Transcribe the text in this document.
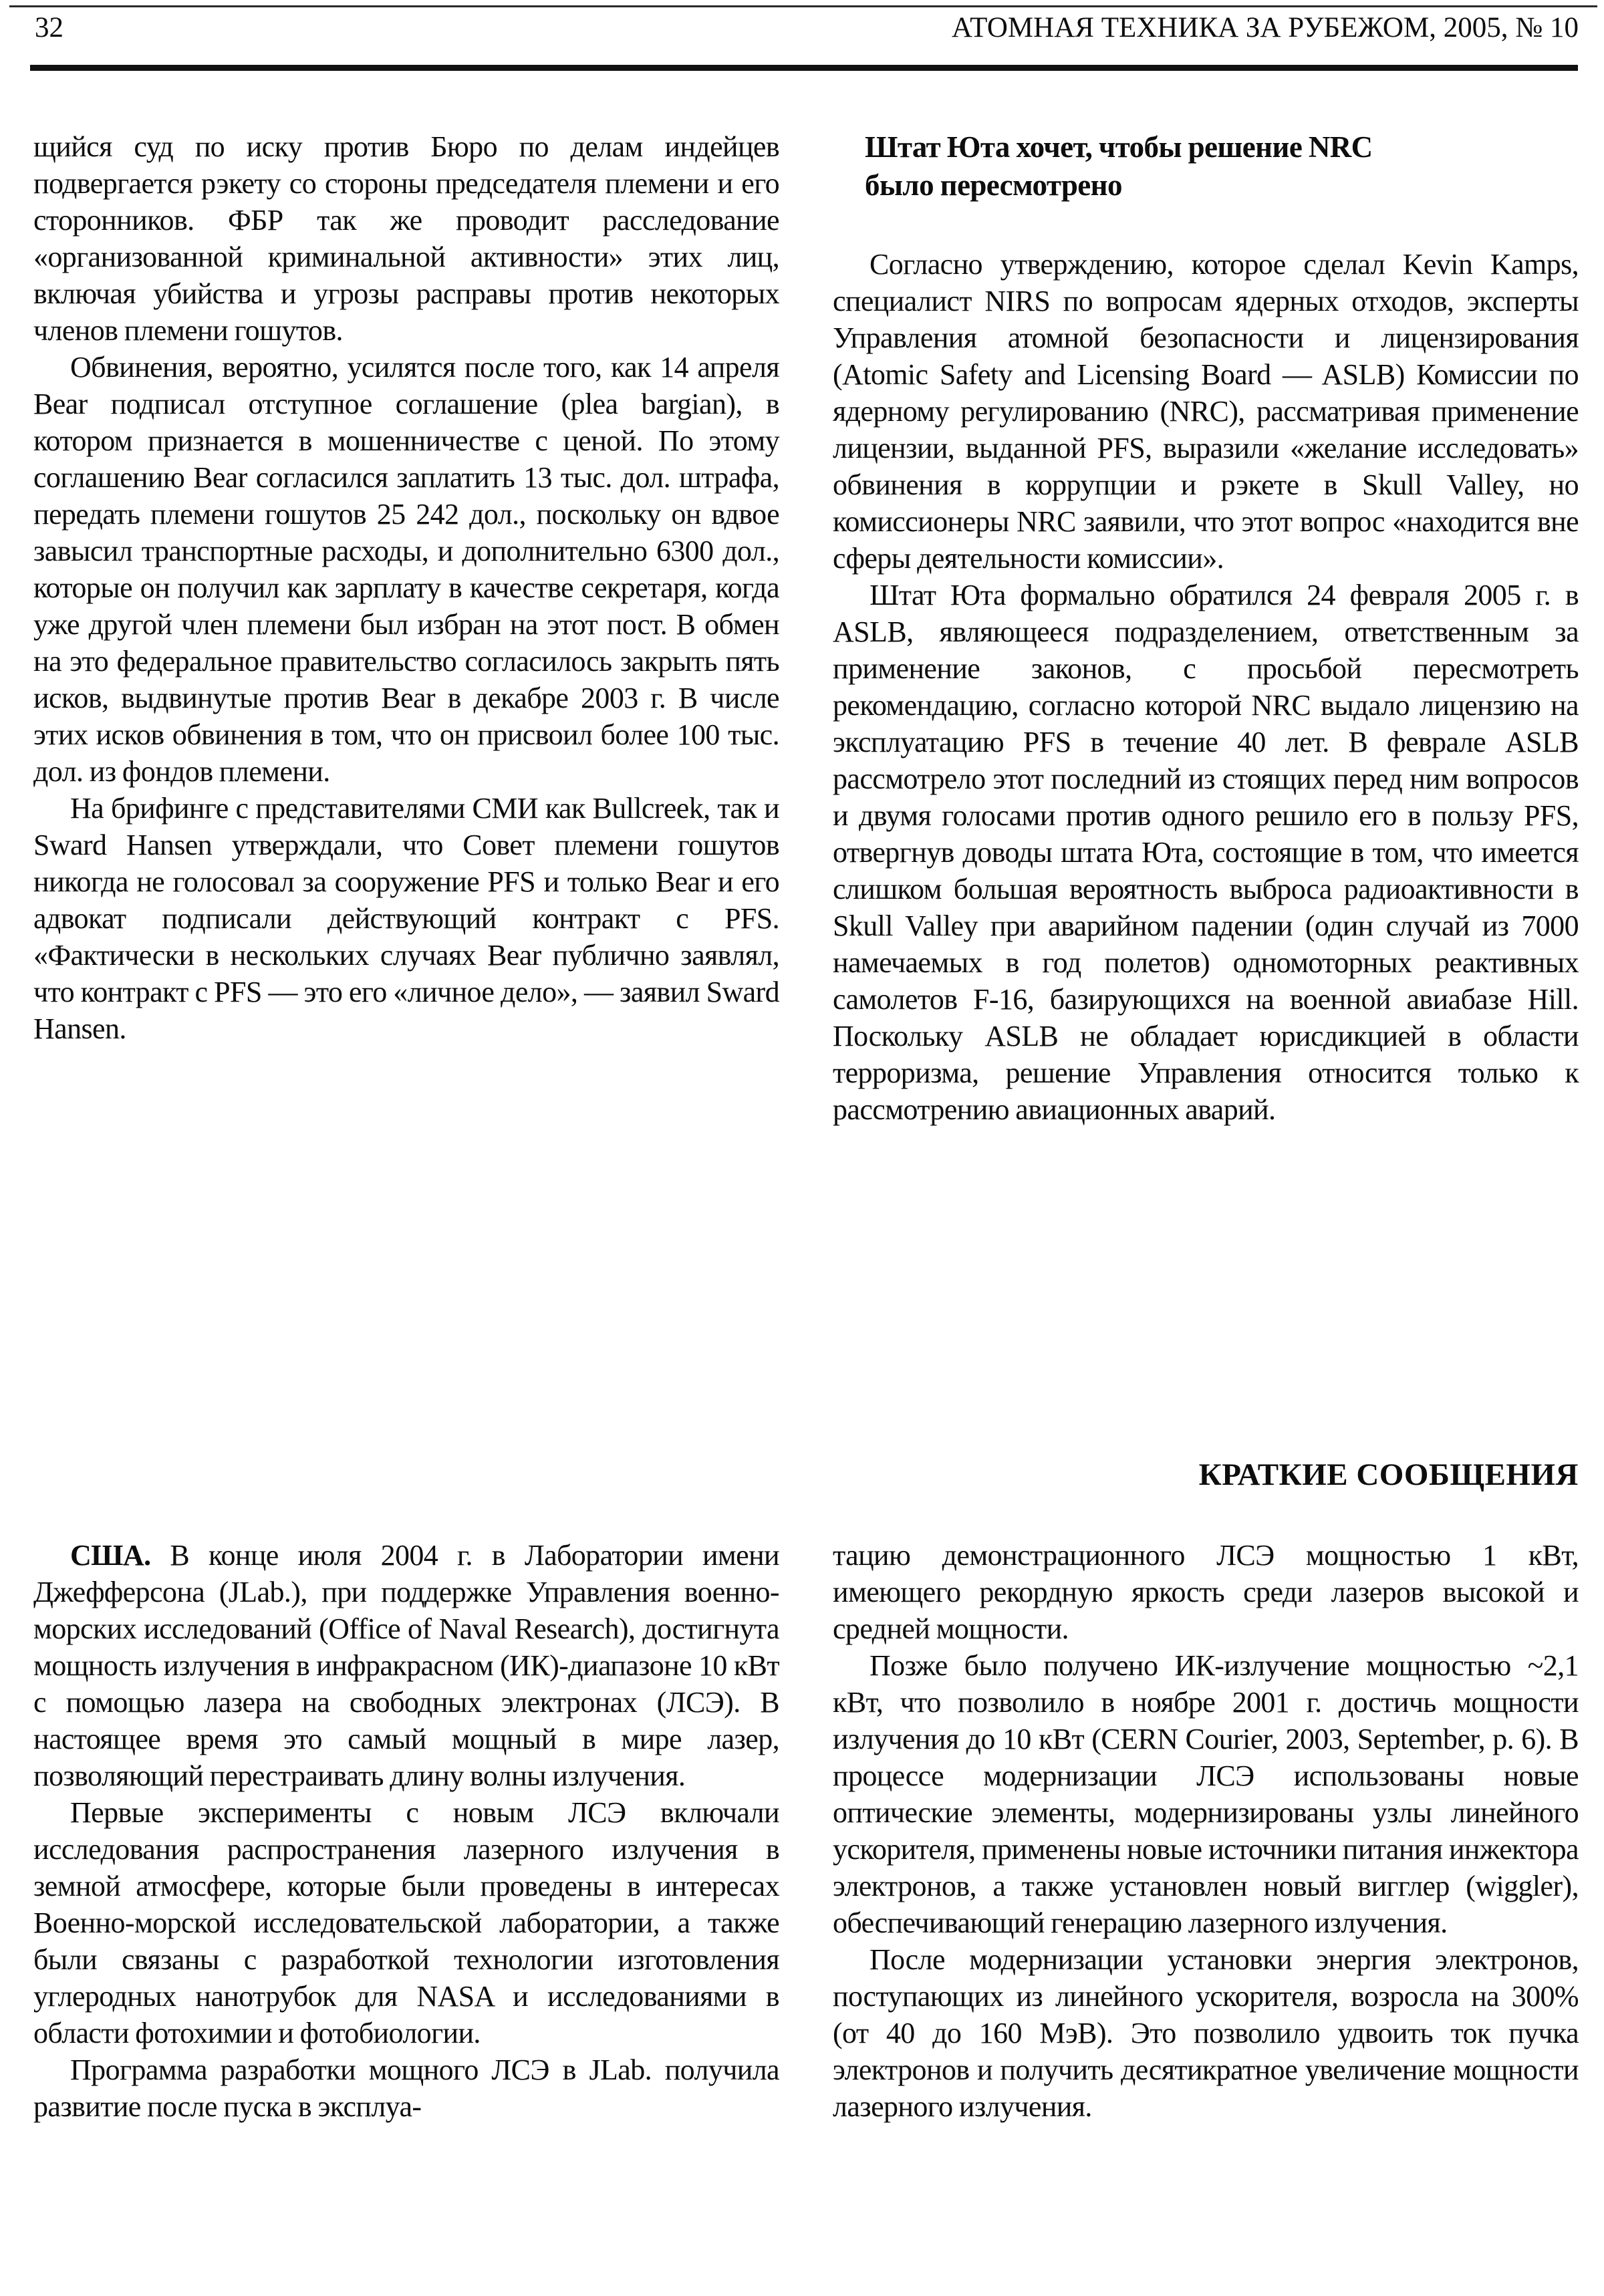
32	АТОМНАЯ ТЕХНИКА ЗА РУБЕЖОМ, 2005, № 10

щийся суд по иску против Бюро по делам индейцев подвергается рэкету со стороны председателя племени и его сторонников. ФБР так же проводит расследование «организованной криминальной активности» этих лиц, включая убийства и угрозы расправы против некоторых членов племени гошутов.

Обвинения, вероятно, усилятся после того, как 14 апреля Bear подписал отступное соглашение (plea bargian), в котором признается в мошенничестве с ценой. По этому соглашению Bear согласился заплатить 13 тыс. дол. штрафа, передать племени гошутов 25 242 дол., поскольку он вдвое завысил транспортные расходы, и дополнительно 6300 дол., которые он получил как зарплату в качестве секретаря, когда уже другой член племени был избран на этот пост. В обмен на это федеральное правительство согласилось закрыть пять исков, выдвинутые против Bear в декабре 2003 г. В числе этих исков обвинения в том, что он присвоил более 100 тыс. дол. из фондов племени.

На брифинге с представителями СМИ как Bullcreek, так и Sward Hansen утверждали, что Совет племени гошутов никогда не голосовал за сооружение PFS и только Bear и его адвокат подписали действующий контракт с PFS. «Фактически в нескольких случаях Bear публично заявлял, что контракт с PFS — это его «личное дело», — заявил Sward Hansen.

Штат Юта хочет, чтобы решение NRC
было пересмотрено

Согласно утверждению, которое сделал Kevin Kamps, специалист NIRS по вопросам ядерных отходов, эксперты Управления атомной безопасности и лицензирования (Atomic Safety and Licensing Board — ASLB) Комиссии по ядерному регулированию (NRC), рассматривая применение лицензии, выданной PFS, выразили «желание исследовать» обвинения в коррупции и рэкете в Skull Valley, но комиссионеры NRC заявили, что этот вопрос «находится вне сферы деятельности комиссии».

Штат Юта формально обратился 24 февраля 2005 г. в ASLB, являющееся подразделением, ответственным за применение законов, с просьбой пересмотреть рекомендацию, согласно которой NRC выдало лицензию на эксплуатацию PFS в течение 40 лет. В феврале ASLB рассмотрело этот последний из стоящих перед ним вопросов и двумя голосами против одного решило его в пользу PFS, отвергнув доводы штата Юта, состоящие в том, что имеется слишком большая вероятность выброса радиоактивности в Skull Valley при аварийном падении (один случай из 7000 намечаемых в год полетов) одномоторных реактивных самолетов F-16, базирующихся на военной авиабазе Hill. Поскольку ASLB не обладает юрисдикцией в области терроризма, решение Управления относится только к рассмотрению авиационных аварий.

КРАТКИЕ СООБЩЕНИЯ

США. В конце июля 2004 г. в Лаборатории имени Джефферсона (JLab.), при поддержке Управления военно-морских исследований (Office of Naval Research), достигнута мощность излучения в инфракрасном (ИК)-диапазоне 10 кВт с помощью лазера на свободных электронах (ЛСЭ). В настоящее время это самый мощный в мире лазер, позволяющий перестраивать длину волны излучения.

Первые эксперименты с новым ЛСЭ включали исследования распространения лазерного излучения в земной атмосфере, которые были проведены в интересах Военно-морской исследовательской лаборатории, а также были связаны с разработкой технологии изготовления углеродных нанотрубок для NASA и исследованиями в области фотохимии и фотобиологии.

Программа разработки мощного ЛСЭ в JLab. получила развитие после пуска в эксплуа-

тацию демонстрационного ЛСЭ мощностью 1 кВт, имеющего рекордную яркость среди лазеров высокой и средней мощности.

Позже было получено ИК-излучение мощностью ~2,1 кВт, что позволило в ноябре 2001 г. достичь мощности излучения до 10 кВт (CERN Courier, 2003, September, p. 6). В процессе модернизации ЛСЭ использованы новые оптические элементы, модернизированы узлы линейного ускорителя, применены новые источники питания инжектора электронов, а также установлен новый вигглер (wiggler), обеспечивающий генерацию лазерного излучения.

После модернизации установки энергия электронов, поступающих из линейного ускорителя, возросла на 300% (от 40 до 160 МэВ). Это позволило удвоить ток пучка электронов и получить десятикратное увеличение мощности лазерного излучения.
